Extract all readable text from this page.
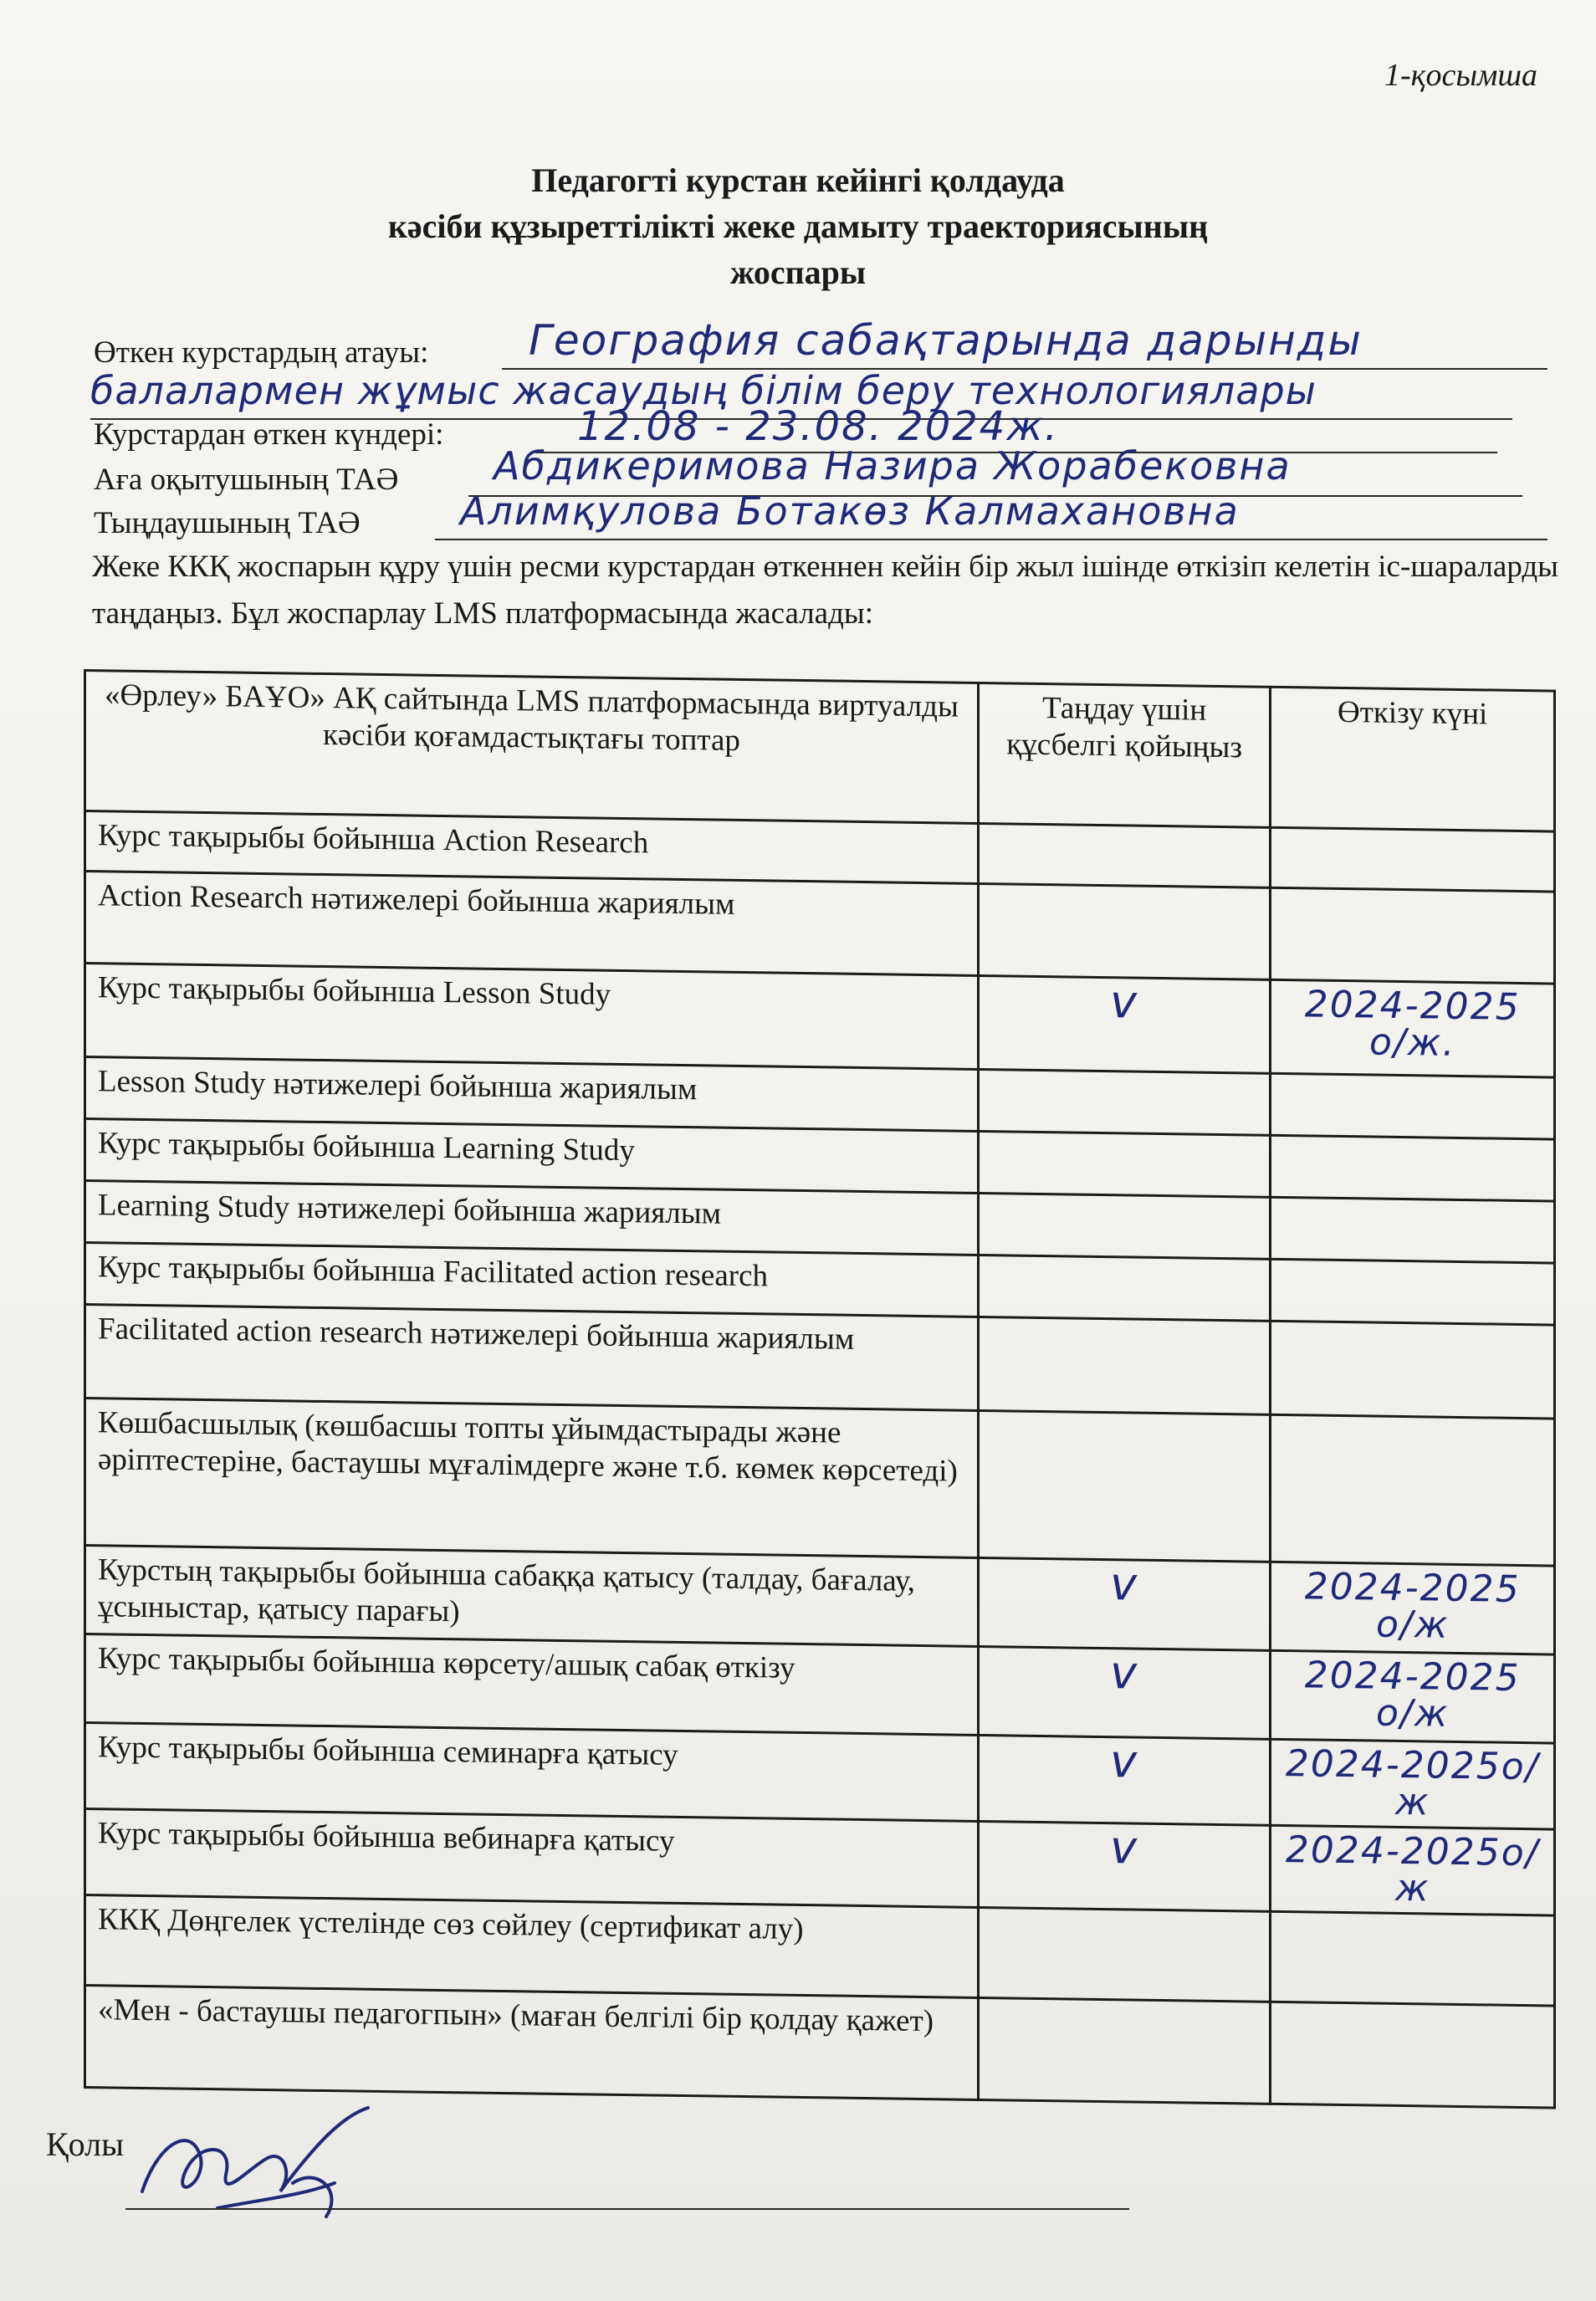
1-қосымша
Педагогті курстан кейінгі қолдауда
кәсіби құзыреттілікті жеке дамыту траекториясының
жоспары
Өткен курстардың атауы: География сабақтарында дарынды
балалармен жұмыс жасаудың білім беру технологиялары
Курстардан өткен күндері:	12.08 - 23.08. 2024ж.
Аға оқытушының ТАӘ Абдикеримова Назира Жорабековна
Тыңдаушының ТАӘ	Алимқулова Ботакөз Калмахановна
Жеке ККҚ жоспарын құру үшін ресми курстардан өткеннен кейін бір жыл ішінде өткізіп келетін іс-шараларды таңдаңыз. Бұл жоспарлау LMS платформасында жасалады:
«Өрлеу» БАҰО» АҚ сайтында LMS платформасында виртуалды кәсіби қоғамдастықтағы топтар	Таңдау үшін құсбелгі қойыңыз	Өткізу күні
Курс тақырыбы бойынша Action Research		

Action Research нәтижелері бойынша жариялым		

Курс тақырыбы бойынша Lesson Study	v	2024-2025 о/ж.

Lesson Study нәтижелері бойынша жариялым		

Курс тақырыбы бойынша Learning Study		

Learning Study нәтижелері бойынша жариялым		

Курс тақырыбы бойынша Facilitated action research		

Facilitated action research нәтижелері бойынша жариялым		

Көшбасшылық (көшбасшы топты ұйымдастырады және әріптестеріне, бастаушы мұғалімдерге және т.б. көмек көрсетеді)		

Курстың тақырыбы бойынша сабаққа қатысу (талдау, бағалау, ұсыныстар, қатысу парағы)	v	2024-2025 о/ж

Курс тақырыбы бойынша көрсету/ашық сабақ өткізу	v	2024-2025 о/ж

Курс тақырыбы бойынша семинарға қатысу	v	2024-2025о/ж

Курс тақырыбы бойынша вебинарға қатысу	v	2024-2025о/ж

ККҚ Дөңгелек үстелінде сөз сөйлеу (сертификат алу)		

«Мен - бастаушы педагогпын» (маған белгілі бір қолдау қажет)		
Қолы
